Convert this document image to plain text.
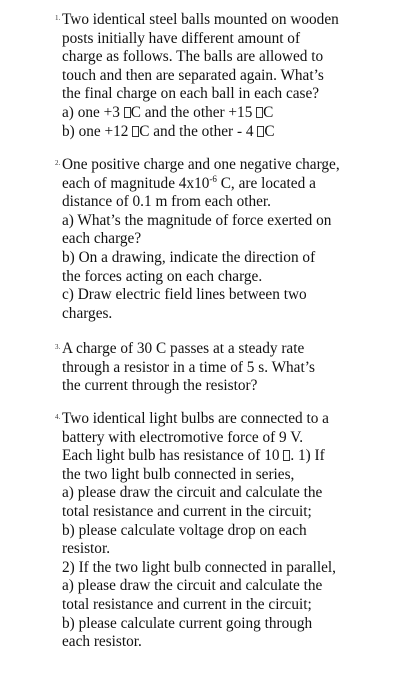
1. Two identical steel balls mounted on wooden
posts initially have different amount of
charge as follows. The balls are allowed to
touch and then are separated again. What’s
the final charge on each ball in each case?
a) one +3 C and the other +15 C
b) one +12 C and the other - 4 C
2. One positive charge and one negative charge,
each of magnitude $4x10^{-6}$ C, are located a
distance of 0.1 m from each other.
a) What’s the magnitude of force exerted on
each charge?
b) On a drawing, indicate the direction of
the forces acting on each charge.
c) Draw electric field lines between two
charges.
3. A charge of 30 C passes at a steady rate
through a resistor in a time of 5 s. What’s
the current through the resistor?
4. Two identical light bulbs are connected to a
battery with electromotive force of 9 V.
Each light bulb has resistance of 10 . 1) If
the two light bulb connected in series,
a) please draw the circuit and calculate the
total resistance and current in the circuit;
b) please calculate voltage drop on each
resistor.
2) If the two light bulb connected in parallel,
a) please draw the circuit and calculate the
total resistance and current in the circuit;
b) please calculate current going through
each resistor.
